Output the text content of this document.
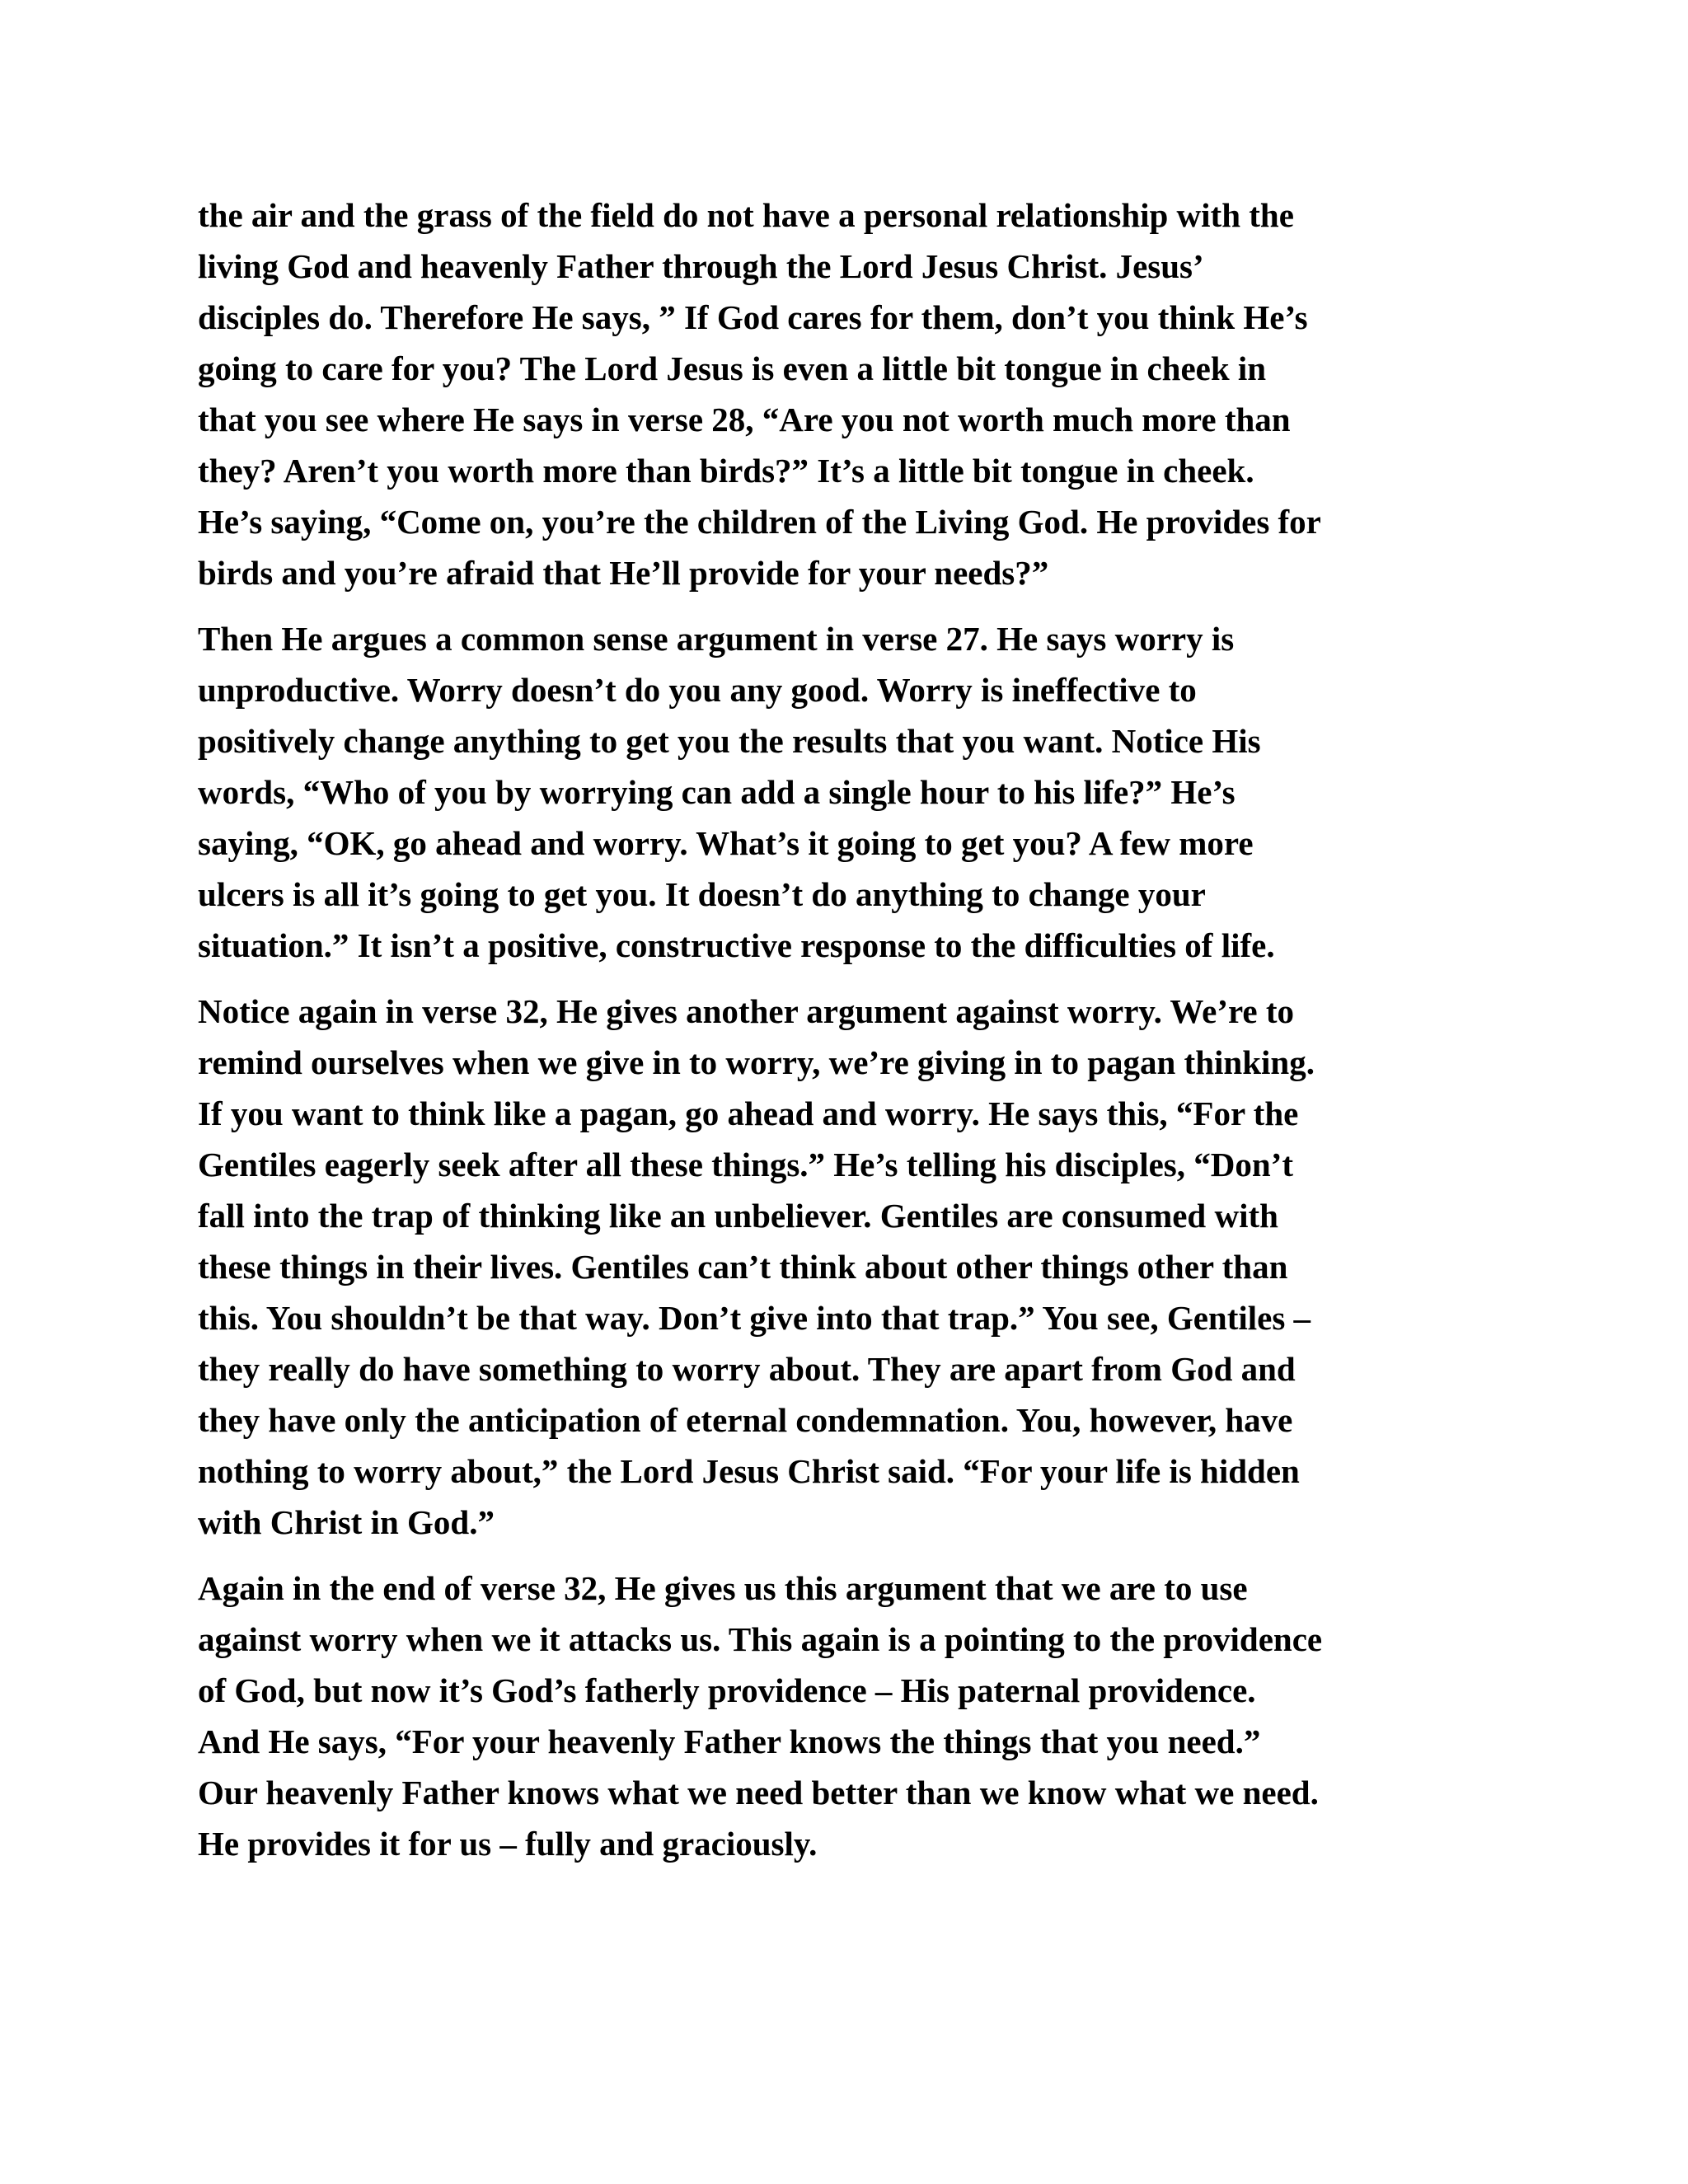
the air and the grass of the field do not have a personal relationship with the
living God and heavenly Father through the Lord Jesus Christ. Jesus’
disciples do. Therefore He says, ” If God cares for them, don’t you think He’s
going to care for you? The Lord Jesus is even a little bit tongue in cheek in
that you see where He says in verse 28, “Are you not worth much more than
they? Aren’t you worth more than birds?” It’s a little bit tongue in cheek.
He’s saying, “Come on, you’re the children of the Living God. He provides for
birds and you’re afraid that He’ll provide for your needs?”
Then He argues a common sense argument in verse 27. He says worry is
unproductive. Worry doesn’t do you any good. Worry is ineffective to
positively change anything to get you the results that you want. Notice His
words, “Who of you by worrying can add a single hour to his life?” He’s
saying, “OK, go ahead and worry. What’s it going to get you? A few more
ulcers is all it’s going to get you. It doesn’t do anything to change your
situation.” It isn’t a positive, constructive response to the difficulties of life.
Notice again in verse 32, He gives another argument against worry. We’re to
remind ourselves when we give in to worry, we’re giving in to pagan thinking.
If you want to think like a pagan, go ahead and worry. He says this, “For the
Gentiles eagerly seek after all these things.” He’s telling his disciples, “Don’t
fall into the trap of thinking like an unbeliever. Gentiles are consumed with
these things in their lives. Gentiles can’t think about other things other than
this. You shouldn’t be that way. Don’t give into that trap.” You see, Gentiles –
they really do have something to worry about. They are apart from God and
they have only the anticipation of eternal condemnation. You, however, have
nothing to worry about,” the Lord Jesus Christ said. “For your life is hidden
with Christ in God.”
Again in the end of verse 32, He gives us this argument that we are to use
against worry when we it attacks us. This again is a pointing to the providence
of God, but now it’s God’s fatherly providence – His paternal providence.
And He says, “For your heavenly Father knows the things that you need.”
Our heavenly Father knows what we need better than we know what we need.
He provides it for us – fully and graciously.
